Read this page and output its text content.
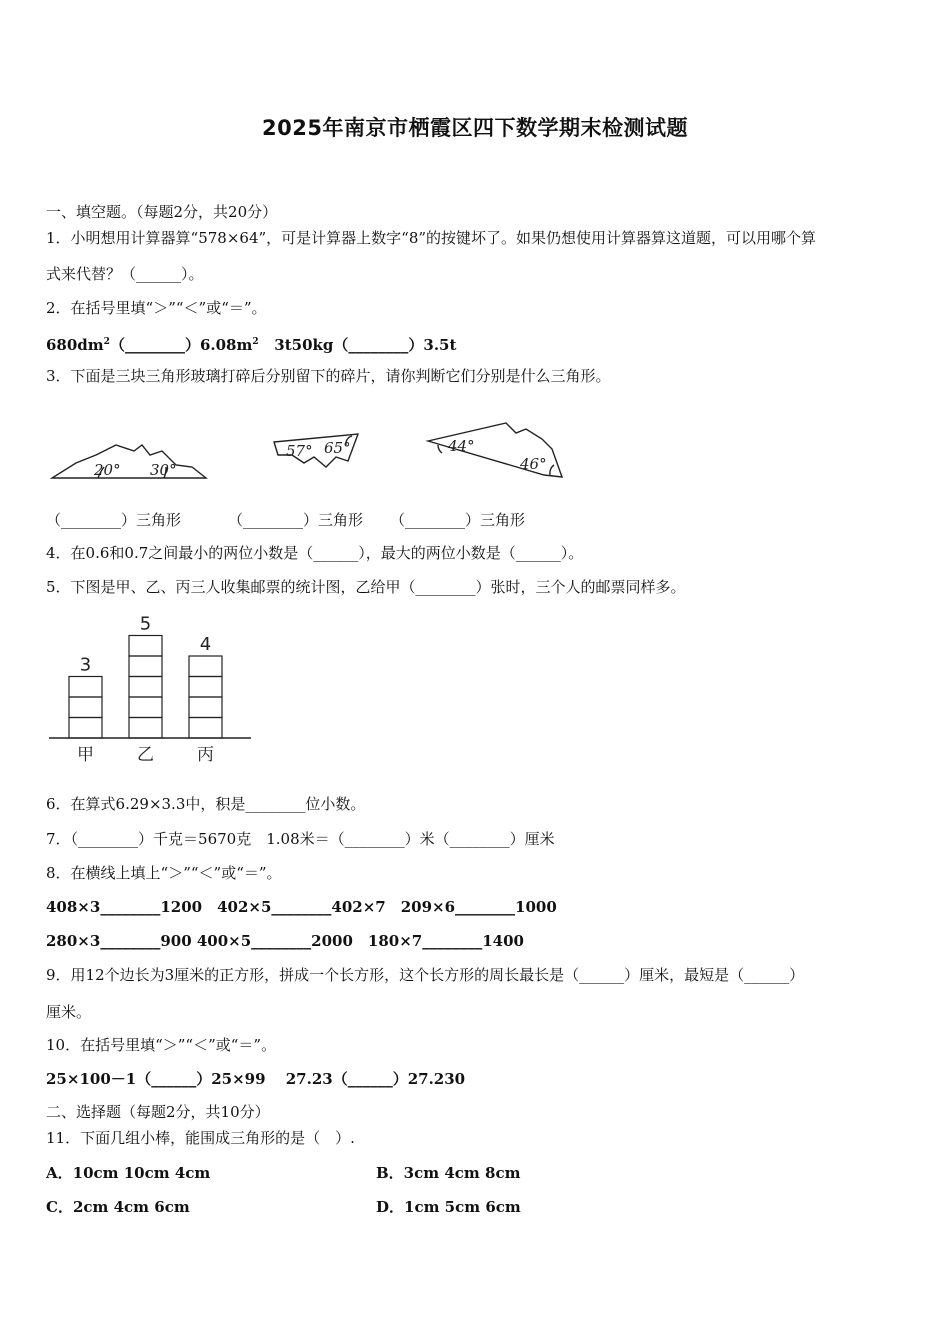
2025年南京市栖霞区四下数学期末检测试题
一、填空题。（每题2分，共20分）
1．小明想用计算器算“578×64”，可是计算器上数字“8”的按键坏了。如果仍想使用计算器算这道题，可以用哪个算
式来代替？（______）。
2．在括号里填“＞”“＜”或“＝”。
$680dm^2(\_\_\_\_\_\_\_\_)6.08m^2$ 3t50kg（________）3.5t
3．下面是三块三角形玻璃打碎后分别留下的碎片，请你判断它们分别是什么三角形。
20° 30°
57° 65°	44°
46°
（________）三角形	（________）三角形 （________）三角形
4．在0.6和0.7之间最小的两位小数是（______），最大的两位小数是（______）。
5．下图是甲、乙、丙三人收集邮票的统计图，乙给甲（________）张时，三个人的邮票同样多。
3
甲
5
乙
4
丙
6．在算式6.29×3.3中，积是________位小数。
7．（________）千克＝5670克　1.08米＝（________）米（________）厘米
8．在横线上填上“＞”“＜”或“＝”。
408×3________1200　402×5________402×7　209×6________1000
280×3________900 400×5________2000　180×7________1400
9．用12个边长为3厘米的正方形，拼成一个长方形，这个长方形的周长最长是（______）厘米，最短是（______）
厘米。
10．在括号里填“＞”“＜”或“＝”。
25×100－1（______）25×99　 27.23（______）27.230
二、选择题（每题2分，共10分）
11．下面几组小棒，能围成三角形的是（　）.
A．10cm 10cm 4cm	B．3cm 4cm 8cm
C．2cm 4cm 6cm	D．1cm 5cm 6cm
